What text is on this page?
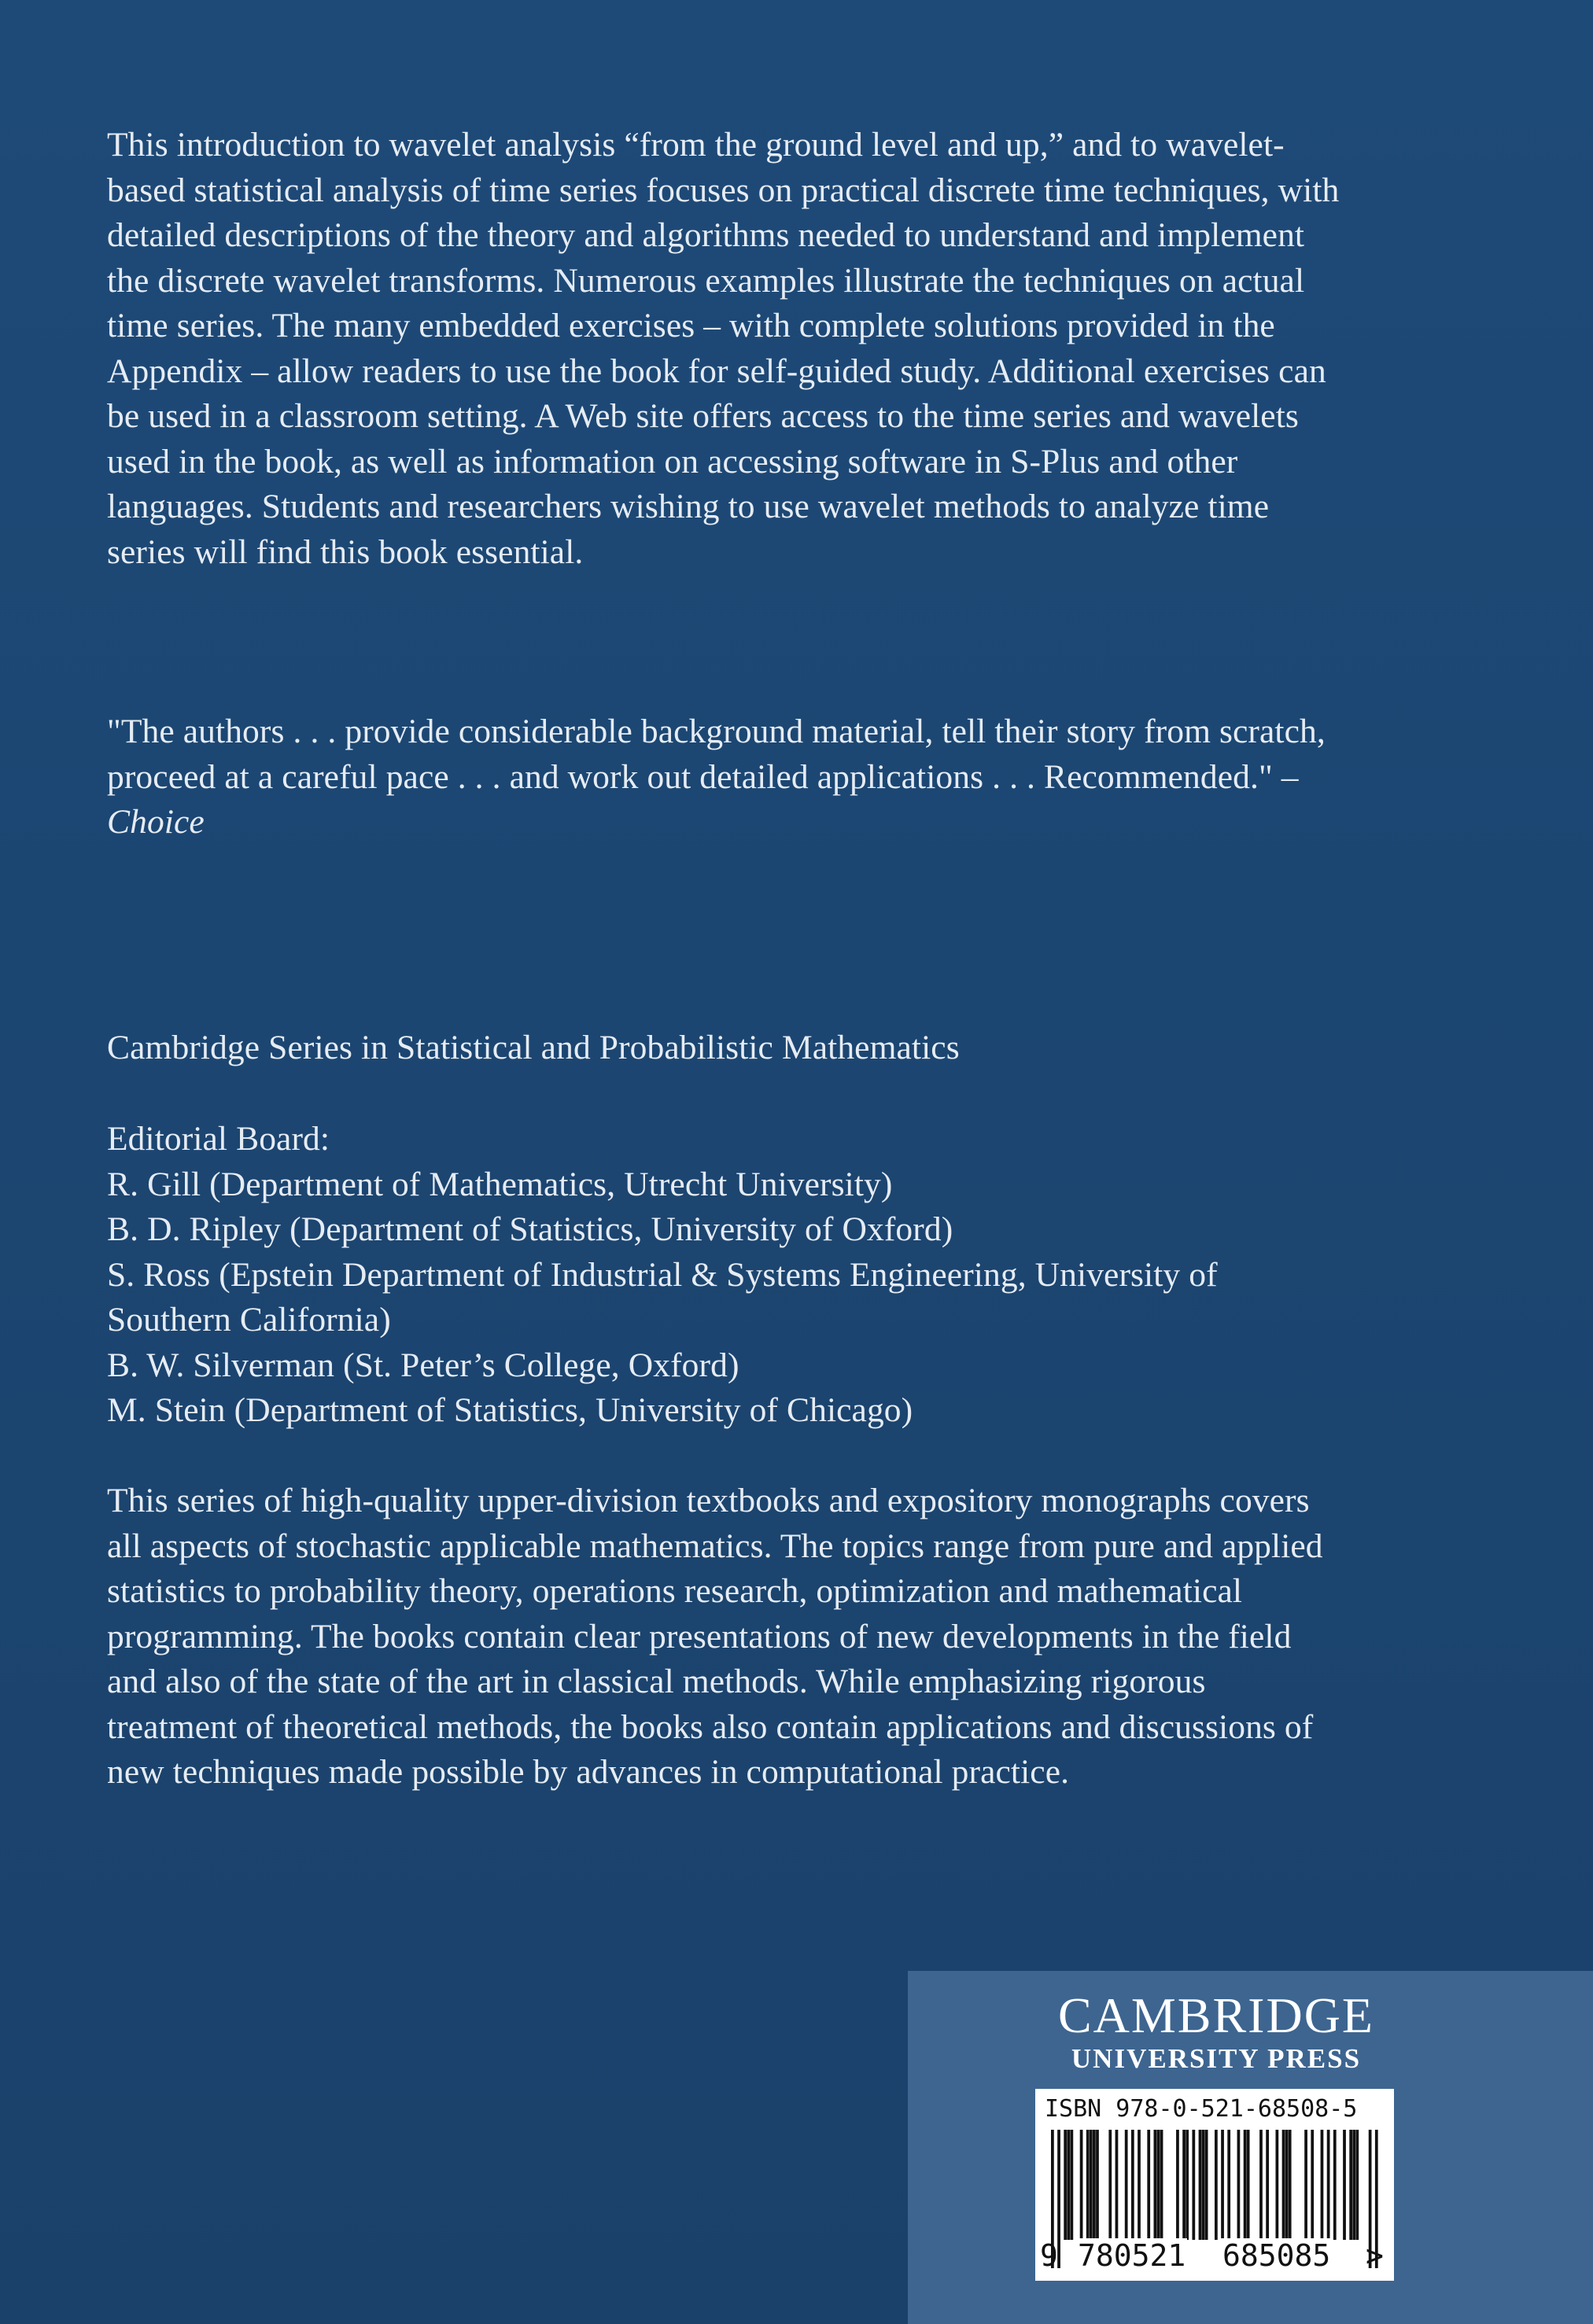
This introduction to wavelet analysis “from the ground level and up,” and to wavelet-
based statistical analysis of time series focuses on practical discrete time techniques, with
detailed descriptions of the theory and algorithms needed to understand and implement
the discrete wavelet transforms. Numerous examples illustrate the techniques on actual
time series. The many embedded exercises – with complete solutions provided in the
Appendix – allow readers to use the book for self-guided study. Additional exercises can
be used in a classroom setting. A Web site offers access to the time series and wavelets
used in the book, as well as information on accessing software in S-Plus and other
languages. Students and researchers wishing to use wavelet methods to analyze time
series will find this book essential.
"The authors . . . provide considerable background material, tell their story from scratch,
proceed at a careful pace . . . and work out detailed applications . . . Recommended." –
Choice
Cambridge Series in Statistical and Probabilistic Mathematics
Editorial Board:
R. Gill (Department of Mathematics, Utrecht University)
B. D. Ripley (Department of Statistics, University of Oxford)
S. Ross (Epstein Department of Industrial & Systems Engineering, University of
Southern California)
B. W. Silverman (St. Peter’s College, Oxford)
M. Stein (Department of Statistics, University of Chicago)
This series of high-quality upper-division textbooks and expository monographs covers
all aspects of stochastic applicable mathematics. The topics range from pure and applied
statistics to probability theory, operations research, optimization and mathematical
programming. The books contain clear presentations of new developments in the field
and also of the state of the art in classical methods. While emphasizing rigorous
treatment of theoretical methods, the books also contain applications and discussions of
new techniques made possible by advances in computational practice.
CAMBRIDGE
UNIVERSITY PRESS
ISBN 978-0-521-68508-5
9 780521 685085 >
